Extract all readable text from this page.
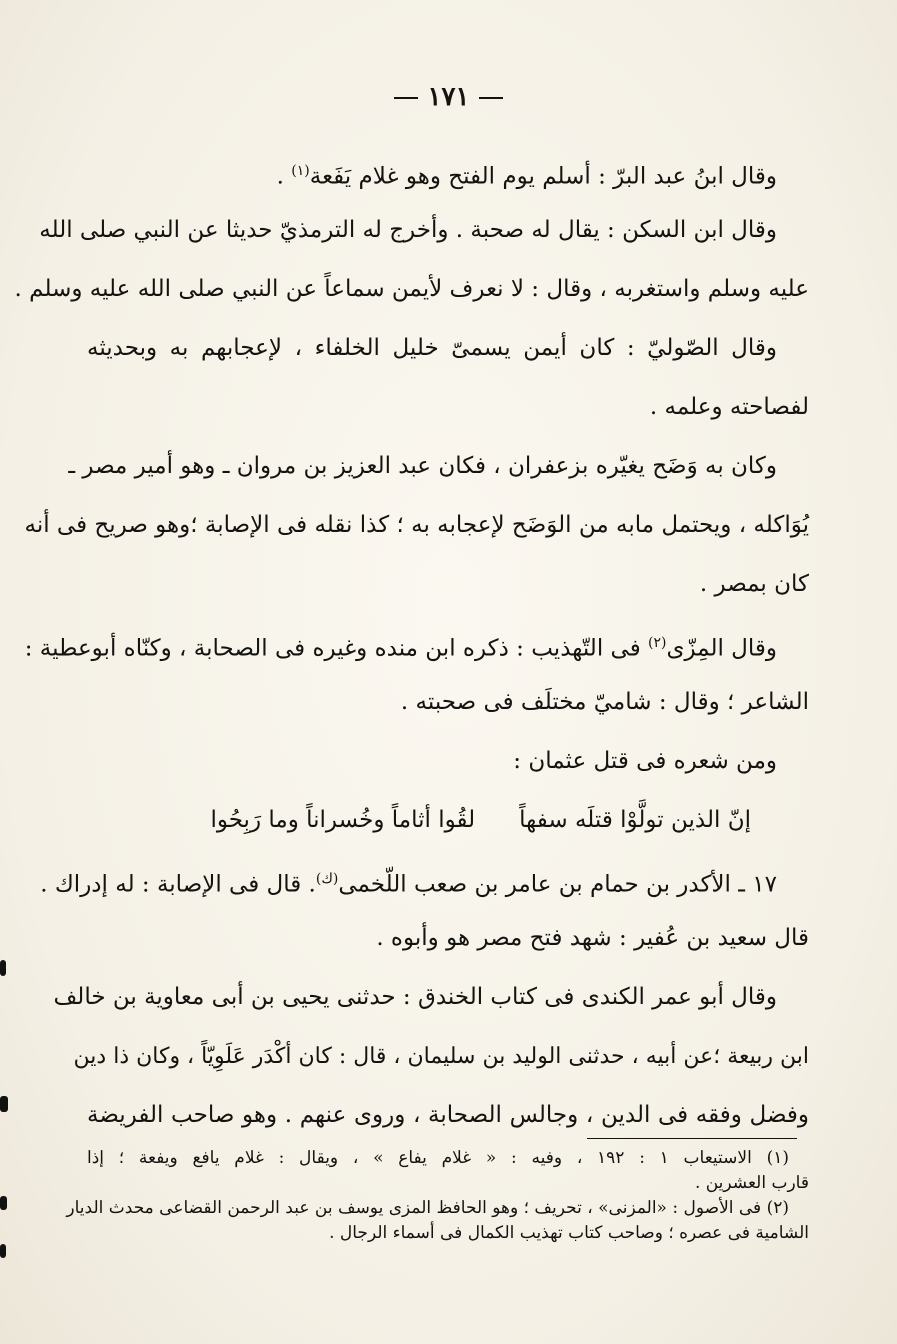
١٧١
وقال ابنُ عبد البرّ : أسلم يوم الفتح وهو غلام يَفَعة$^{(١)}$ .
وقال ابن السكن : يقال له صحبة . وأخرج له الترمذيّ حديثا عن النبي صلى الله
عليه وسلم واستغربه ، وقال : لا نعرف لأيمن سماعاً عن النبي صلى الله عليه وسلم .
وقال الصّوليّ : كان أيمن يسمىّ خليل الخلفاء ، لإعجابهم به وبحديثه
لفصاحته وعلمه .
وكان به وَضَح يغيّره بزعفران ، فكان عبد العزيز بن مروان ـ وهو أمير مصر ـ
يُوَاكله ، ويحتمل مابه من الوَضَح لإعجابه به ؛ كذا نقله فى الإصابة ؛وهو صريح فى أنه
كان بمصر .
وقال المِزّى$^{(٢)}$ فى التّهذيب : ذكره ابن منده وغيره فى الصحابة ، وكنّاه أبوعطية :
الشاعر ؛ وقال : شاميّ مختلَف فى صحبته .
ومن شعره فى قتل عثمان :
إنّ الذين تولَّوْا قتلَه سفهاً
لقُوا أثاماً وخُسراناً وما رَبِحُوا
١٧ ـ الأكدر بن حمام بن عامر بن صعب اللّخمى$^{(ك)}$. قال فى الإصابة : له إدراك .
قال سعيد بن عُفير : شهد فتح مصر هو وأبوه .
وقال أبو عمر الكندى فى كتاب الخندق : حدثنى يحيى بن أبى معاوية بن خالف
ابن ربيعة ؛عن أبيه ، حدثنى الوليد بن سليمان ، قال : كان أكْدَر عَلَوِيّاً ، وكان ذا دين
وفضل وفقه فى الدين ، وجالس الصحابة ، وروى عنهم . وهو صاحب الفريضة
(١) الاستيعاب ١ : ١٩٢ ، وفيه : « غلام يفاع » ، ويقال : غلام يافع ويفعة ؛ إذا
قارب العشرين .
(٢) فى الأصول : «المزنى» ، تحريف ؛ وهو الحافظ المزى يوسف بن عبد الرحمن القضاعى محدث الديار
الشامية فى عصره ؛ وصاحب كتاب تهذيب الكمال فى أسماء الرجال .
